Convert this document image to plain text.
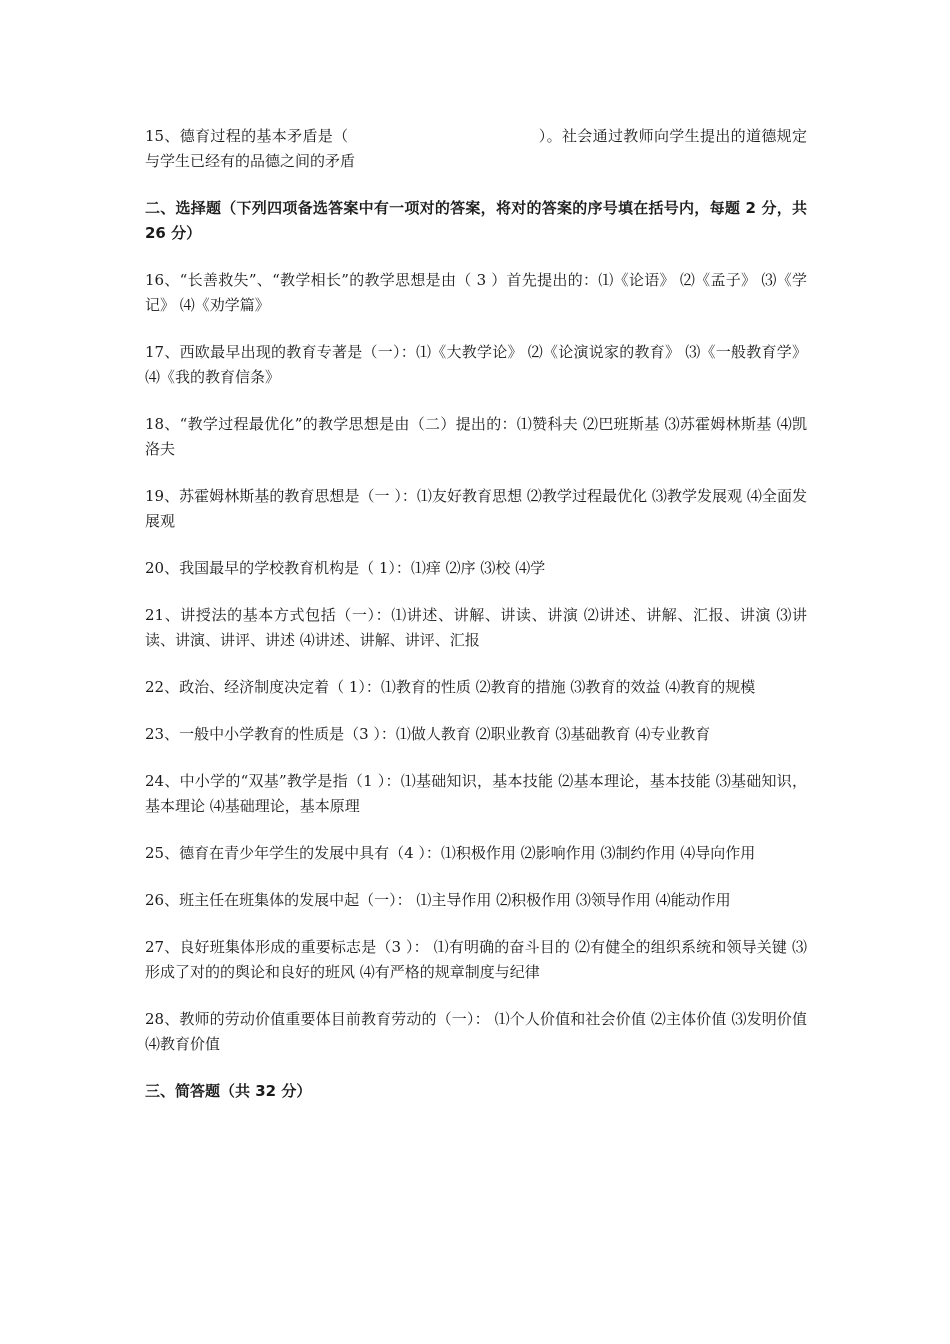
15、德育过程的基本矛盾是（	）。社会通过教师向学生提出的道德规定与学生已经有的品德之间的矛盾

二、选择题（下列四项备选答案中有一项对的答案，将对的答案的序号填在括号内，每题 2 分，共 26 分）

16、“长善救失”、“教学相长”的教学思想是由（ 3 ）首先提出的：⑴《论语》 ⑵《孟子》 ⑶《学记》 ⑷《劝学篇》

17、西欧最早出现的教育专著是（一）：⑴《大教学论》 ⑵《论演说家的教育》 ⑶《一般教育学》 ⑷《我的教育信条》

18、“教学过程最优化”的教学思想是由（二）提出的：⑴赞科夫 ⑵巴班斯基 ⑶苏霍姆林斯基 ⑷凯洛夫

19、苏霍姆林斯基的教育思想是（一 ）：⑴友好教育思想 ⑵教学过程最优化 ⑶教学发展观 ⑷全面发展观

20、我国最早的学校教育机构是（ 1）：⑴痒 ⑵序 ⑶校 ⑷学

21、讲授法的基本方式包括（一）：⑴讲述、讲解、讲读、讲演 ⑵讲述、讲解、汇报、讲演 ⑶讲读、讲演、讲评、讲述 ⑷讲述、讲解、讲评、汇报

22、政治、经济制度决定着（ 1）：⑴教育的性质 ⑵教育的措施 ⑶教育的效益 ⑷教育的规模

23、一般中小学教育的性质是（3 ）：⑴做人教育 ⑵职业教育 ⑶基础教育 ⑷专业教育

24、中小学的“双基”教学是指（1 ）：⑴基础知识，基本技能 ⑵基本理论，基本技能 ⑶基础知识，基本理论 ⑷基础理论，基本原理

25、德育在青少年学生的发展中具有（4 ）：⑴积极作用 ⑵影响作用 ⑶制约作用 ⑷导向作用

26、班主任在班集体的发展中起（一）： ⑴主导作用 ⑵积极作用 ⑶领导作用 ⑷能动作用

27、良好班集体形成的重要标志是（3 ）： ⑴有明确的奋斗目的 ⑵有健全的组织系统和领导关键 ⑶形成了对的的舆论和良好的班风 ⑷有严格的规章制度与纪律

28、教师的劳动价值重要体目前教育劳动的（一）： ⑴个人价值和社会价值 ⑵主体价值 ⑶发明价值 ⑷教育价值

三、简答题（共 32 分）
